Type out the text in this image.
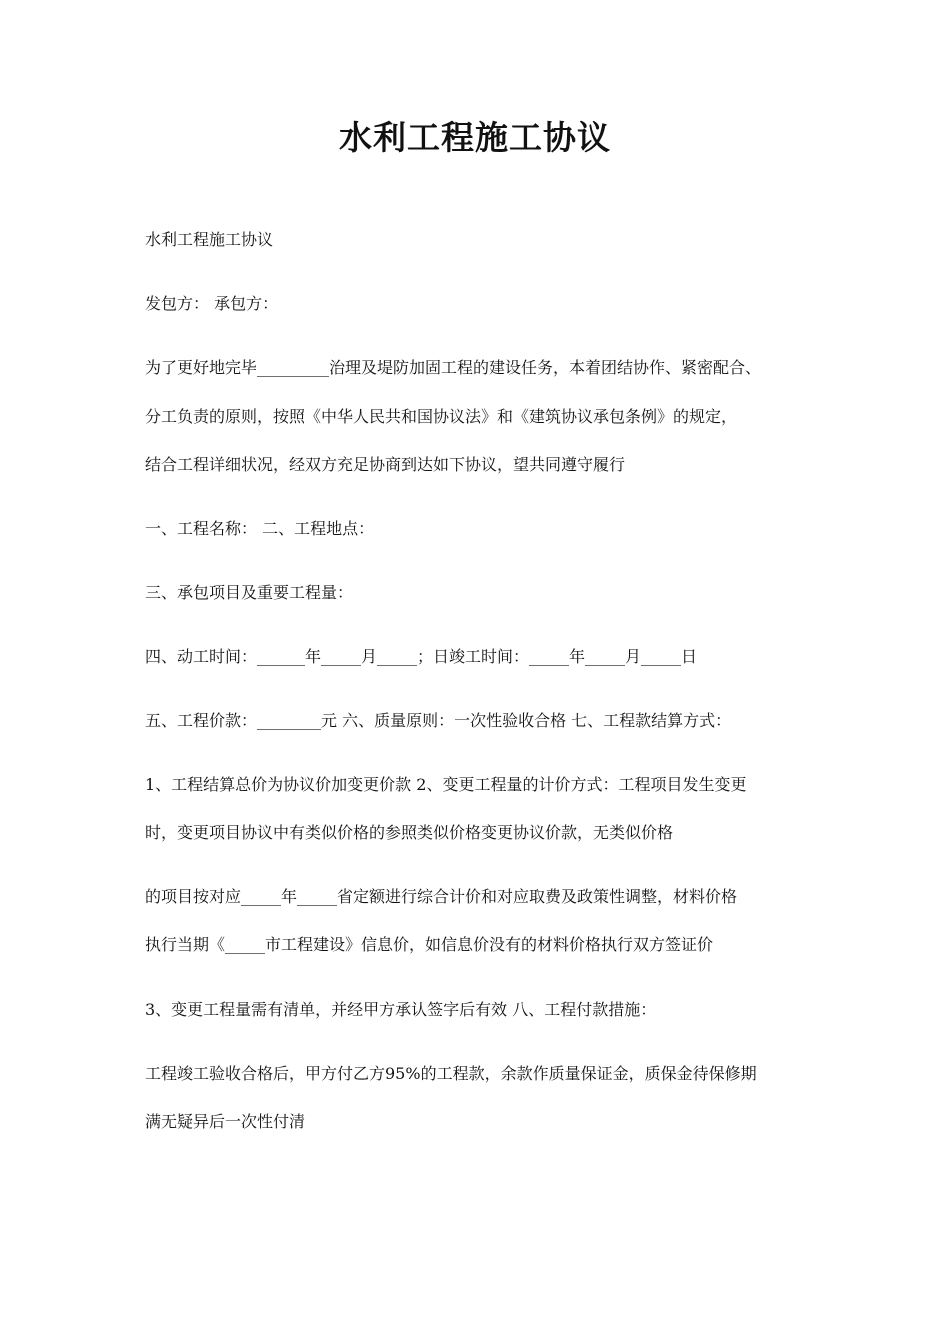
水利工程施工协议

水利工程施工协议

发包方： 承包方：

为了更好地完毕_________治理及堤防加固工程的建设任务，本着团结协作、紧密配合、

分工负责的原则，按照《中华人民共和国协议法》和《建筑协议承包条例》的规定，

结合工程详细状况，经双方充足协商到达如下协议，望共同遵守履行

一、工程名称： 二、工程地点：

三、承包项目及重要工程量：

四、动工时间：______年_____月_____；日竣工时间：_____年_____月_____日

五、工程价款：________元 六、质量原则：一次性验收合格 七、工程款结算方式：

1、工程结算总价为协议价加变更价款 2、变更工程量的计价方式：工程项目发生变更

时，变更项目协议中有类似价格的参照类似价格变更协议价款，无类似价格

的项目按对应_____年_____省定额进行综合计价和对应取费及政策性调整，材料价格

执行当期《_____市工程建设》信息价，如信息价没有的材料价格执行双方签证价

3、变更工程量需有清单，并经甲方承认签字后有效 八、工程付款措施：

工程竣工验收合格后，甲方付乙方95%的工程款，余款作质量保证金，质保金待保修期

满无疑异后一次性付清
